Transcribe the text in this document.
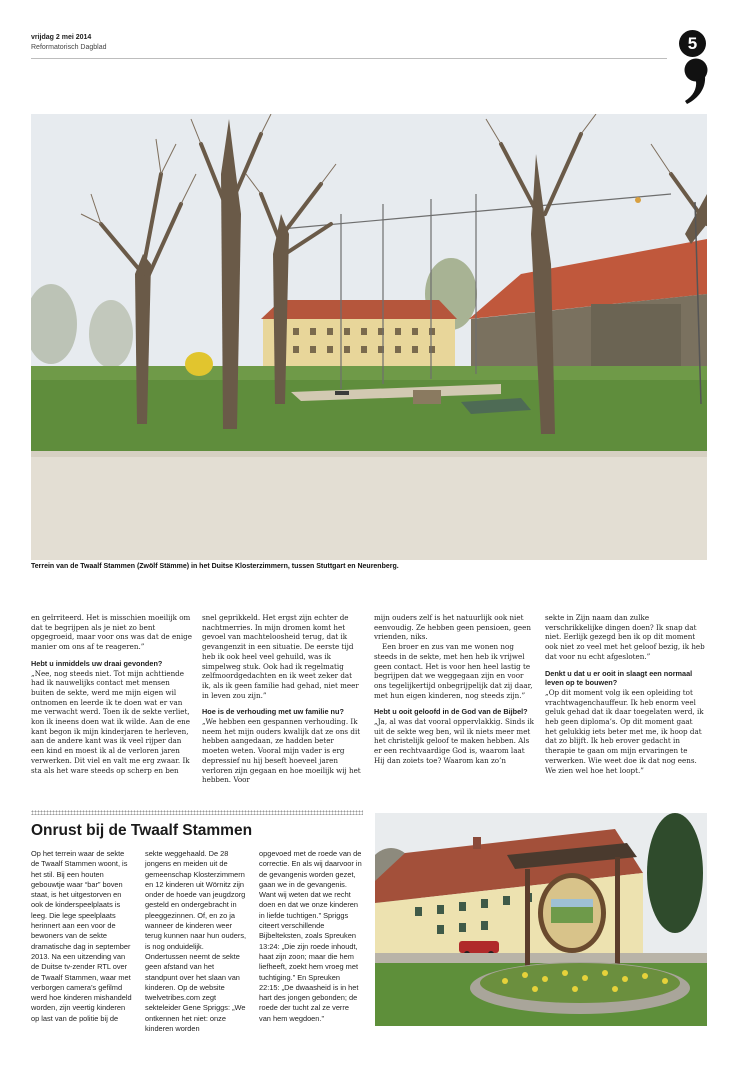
vrijdag 2 mei 2014
Reformatorisch Dagblad	5
Terrein van de Twaalf Stammen (Zwölf Stämme) in het Duitse Klosterzimmern, tussen Stuttgart en Neurenberg.

en geïrriteerd. Het is misschien moeilijk om dat te begrijpen als je niet zo bent opgegroeid, maar voor ons was dat de enige manier om ons af te reageren.”

Hebt u inmiddels uw draai gevonden?

„Nee, nog steeds niet. Tot mijn achttiende had ik nauwelijks contact met mensen buiten de sekte, werd me mijn eigen wil ontnomen en leerde ik te doen wat er van me verwacht werd. Toen ik de sekte verliet, kon ik ineens doen wat ik wilde. Aan de ene kant begon ik mijn kinderjaren te herleven, aan de andere kant was ik veel rijper dan een kind en moest ik al de verloren jaren verwerken. Dit viel en valt me erg zwaar. Ik sta als het ware steeds op scherp en ben

snel geprikkeld. Het ergst zijn echter de nachtmerries. In mijn dromen komt het gevoel van machteloosheid terug, dat ik gevangenzit in een situatie. De eerste tijd heb ik ook heel veel gehuild, was ik simpelweg stuk. Ook had ik regelmatig zelfmoordgedachten en ik weet zeker dat ik, als ik geen familie had gehad, niet meer in leven zou zijn.”

Hoe is de verhouding met uw familie nu?

„We hebben een gespannen verhouding. Ik neem het mijn ouders kwalijk dat ze ons dit hebben aangedaan, ze hadden beter moeten weten. Vooral mijn vader is erg depressief nu hij beseft hoeveel jaren verloren zijn gegaan en hoe moeilijk wij het hebben. Voor

mijn ouders zelf is het natuurlijk ook niet eenvoudig. Ze hebben geen pensioen, geen vrienden, niks.

Een broer en zus van me wonen nog steeds in de sekte, met hen heb ik vrijwel geen contact. Het is voor hen heel lastig te begrijpen dat we weggegaan zijn en voor ons tegelijkertijd onbegrijpelijk dat zij daar, met hun eigen kinderen, nog steeds zijn.”

Hebt u ooit geloofd in de God van de Bijbel?

„Ja, al was dat vooral oppervlakkig. Sinds ik uit de sekte weg ben, wil ik niets meer met het christelijk geloof te maken hebben. Als er een rechtvaardige God is, waarom laat Hij dan zoiets toe? Waarom kan zo’n

sekte in Zijn naam dan zulke verschrikkelijke dingen doen? Ik snap dat niet. Eerlijk gezegd ben ik op dit moment ook niet zo veel met het geloof bezig, ik heb dat voor nu echt afgesloten.”

Denkt u dat u er ooit in slaagt een normaal leven op te bouwen?

„Op dit moment volg ik een opleiding tot vrachtwagenchauffeur. Ik heb enorm veel geluk gehad dat ik daar toegelaten werd, ik heb geen diploma’s. Op dit moment gaat het gelukkig iets beter met me, ik hoop dat dat zo blijft. Ik heb erover gedacht in therapie te gaan om mijn ervaringen te verwerken. Wie weet doe ik dat nog eens. We zien wel hoe het loopt.”

Onrust bij de Twaalf Stammen

Op het terrein waar de sekte de Twaalf Stammen woont, is het stil. Bij een houten gebouwtje waar “bar” boven staat, is het uitgestorven en ook de kinderspeelplaats is leeg. Die lege speelplaats herinnert aan een voor de bewoners van de sekte dramatische dag in september 2013. Na een uitzending van de Duitse tv-zender RTL over de Twaalf Stammen, waar met verborgen camera’s gefilmd werd hoe kinderen mishandeld worden, zijn veertig kinderen op last van de politie bij de

sekte weggehaald. De 28 jongens en meiden uit de gemeenschap Klosterzimmern en 12 kinderen uit Wörnitz zijn onder de hoede van jeugdzorg gesteld en ondergebracht in pleeggezinnen. Of, en zo ja wanneer de kinderen weer terug kunnen naar hun ouders, is nog onduidelijk. Ondertussen neemt de sekte geen afstand van het standpunt over het slaan van kinderen. Op de website twelvetribes.com zegt sekteleider Gene Spriggs: „We ontkennen het niet: onze kinderen worden

opgevoed met de roede van de correctie. En als wij daarvoor in de gevangenis worden gezet, gaan we in de gevangenis. Want wij weten dat we recht doen en dat we onze kinderen in liefde tuchtigen.” Spriggs citeert verschillende Bijbelteksten, zoals Spreuken 13:24: „Die zijn roede inhoudt, haat zijn zoon; maar die hem liefheeft, zoekt hem vroeg met tuchtiging.” En Spreuken 22:15: „De dwaasheid is in het hart des jongen gebonden; de roede der tucht zal ze verre van hem wegdoen.”
